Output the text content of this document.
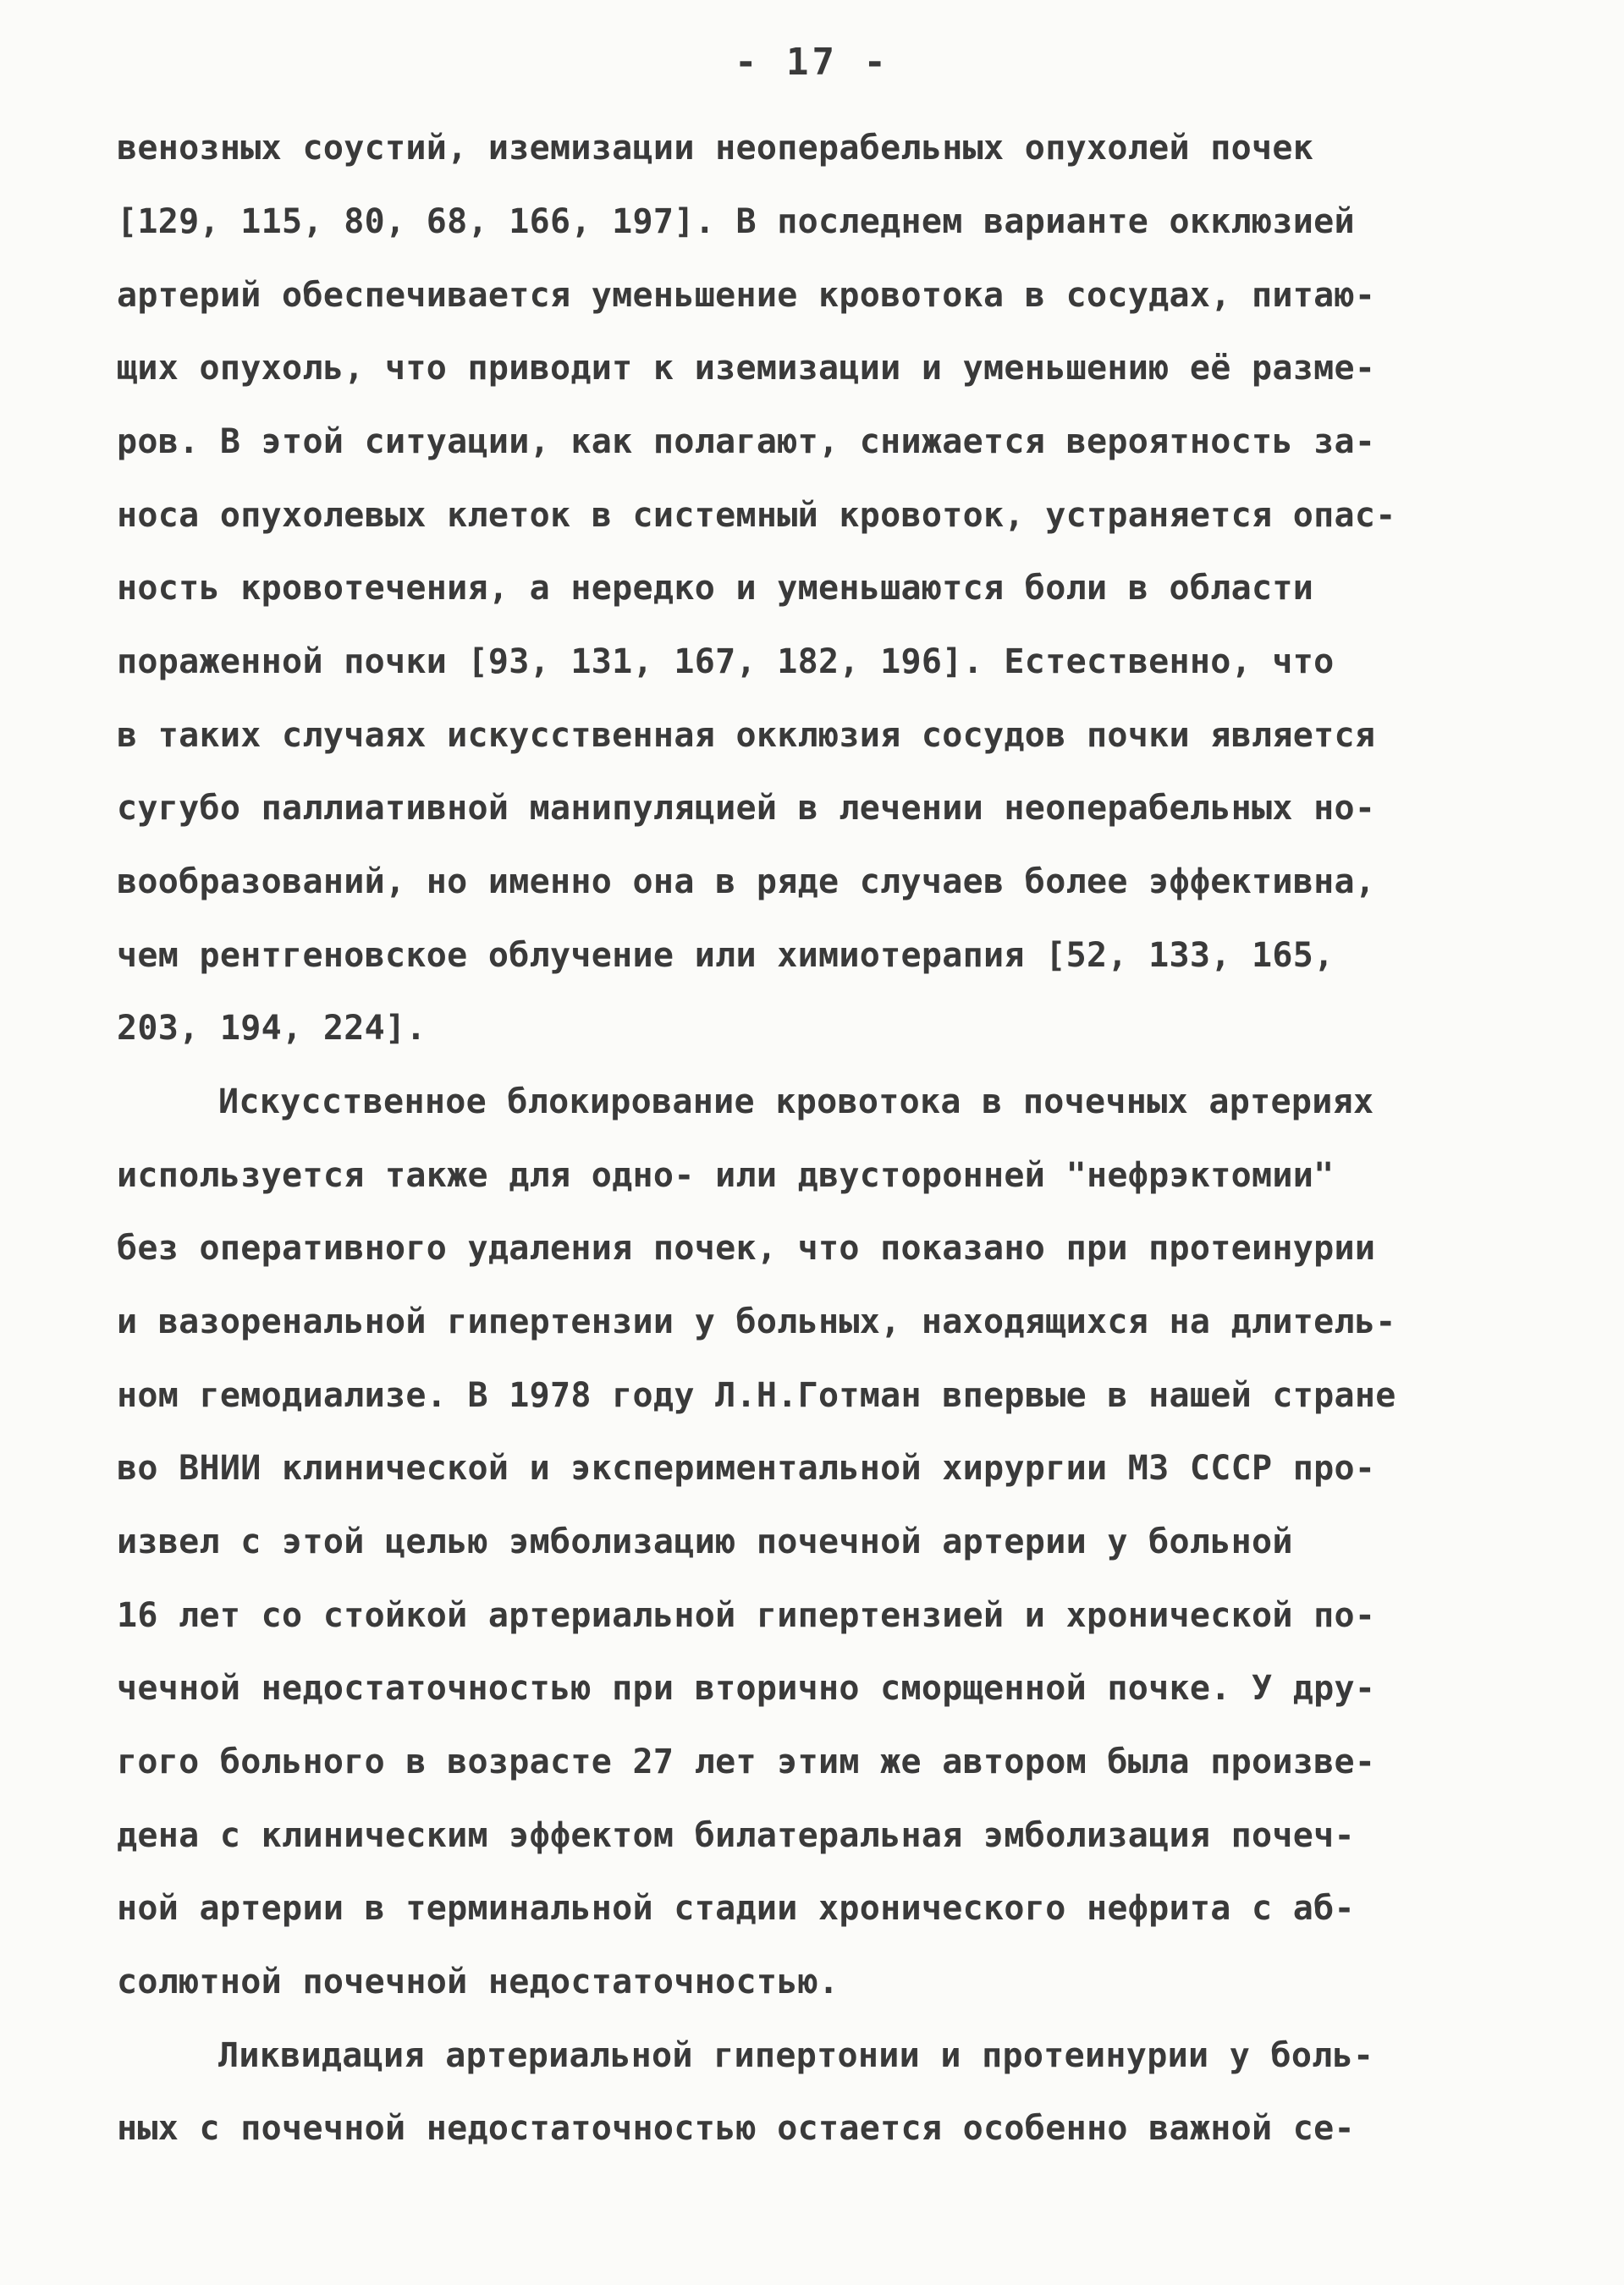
- 17 -
венозных соустий, иземизации неоперабельных опухолей почек
[129, 115, 80, 68, 166, 197]. В последнем варианте окклюзией
артерий обеспечивается уменьшение кровотока в сосудах, питаю-
щих опухоль, что приводит к иземизации и уменьшению её разме-
ров. В этой ситуации, как полагают, снижается вероятность за-
носа опухолевых клеток в системный кровоток, устраняется опас-
ность кровотечения, а нередко и уменьшаются боли в области
пораженной почки [93, 131, 167, 182, 196]. Естественно, что
в таких случаях искусственная окклюзия сосудов почки является
сугубо паллиативной манипуляцией в лечении неоперабельных но-
вообразований, но именно она в ряде случаев более эффективна,
чем рентгеновское облучение или химиотерапия [52, 133, 165,
203, 194, 224].
Искусственное блокирование кровотока в почечных артериях
используется также для одно- или двусторонней "нефрэктомии"
без оперативного удаления почек, что показано при протеинурии
и вазоренальной гипертензии у больных, находящихся на длитель-
ном гемодиализе. В 1978 году Л.Н.Готман впервые в нашей стране
во ВНИИ клинической и экспериментальной хирургии МЗ СССР про-
извел с этой целью эмболизацию почечной артерии у больной
16 лет со стойкой артериальной гипертензией и хронической по-
чечной недостаточностью при вторично сморщенной почке. У дру-
гого больного в возрасте 27 лет этим же автором была произве-
дена с клиническим эффектом билатеральная эмболизация почеч-
ной артерии в терминальной стадии хронического нефрита с аб-
солютной почечной недостаточностью.
Ликвидация артериальной гипертонии и протеинурии у боль-
ных с почечной недостаточностью остается особенно важной се-
